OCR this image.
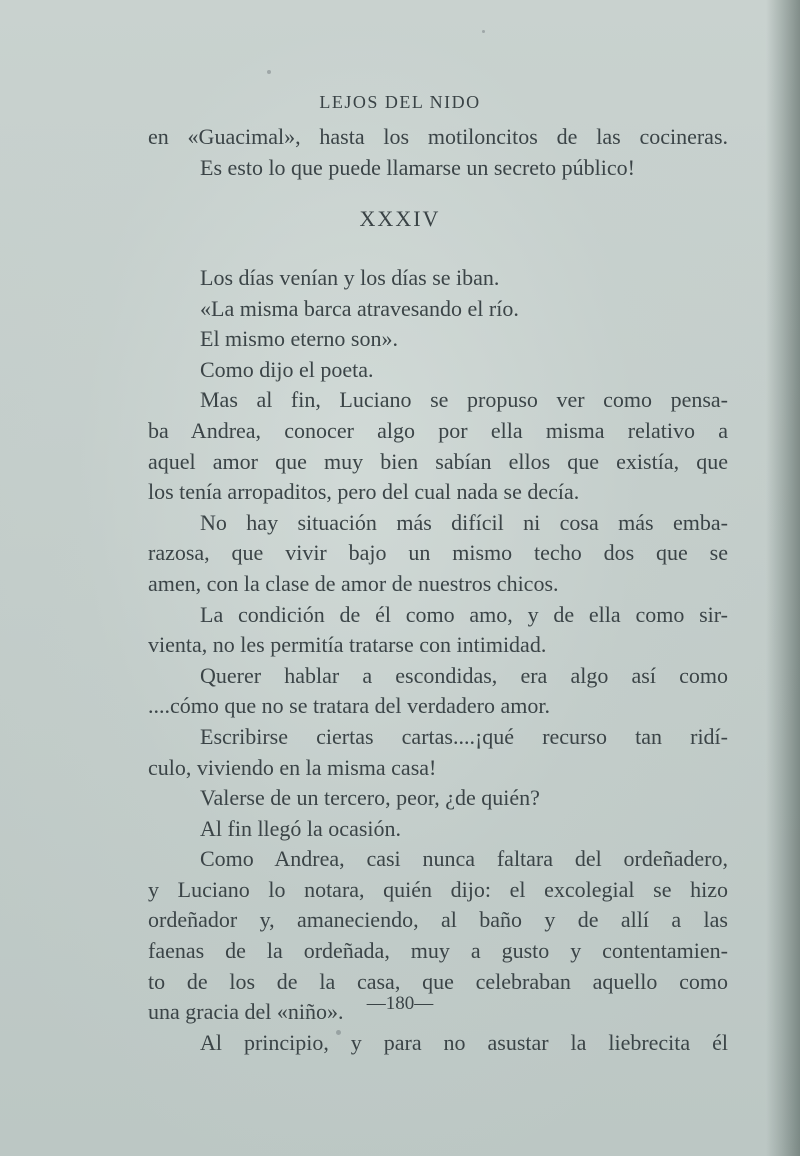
LEJOS DEL NIDO
en «Guacimal», hasta los motiloncitos de las cocineras.
Es esto lo que puede llamarse un secreto público!
XXXIV
Los días venían y los días se iban.
«La misma barca atravesando el río.
El mismo eterno son».
Como dijo el poeta.
Mas al fin, Luciano se propuso ver como pensa-
ba Andrea, conocer algo por ella misma relativo a
aquel amor que muy bien sabían ellos que existía, que
los tenía arropaditos, pero del cual nada se decía.
No hay situación más difícil ni cosa más emba-
razosa, que vivir bajo un mismo techo dos que se
amen, con la clase de amor de nuestros chicos.
La condición de él como amo, y de ella como sir-
vienta, no les permitía tratarse con intimidad.
Querer hablar a escondidas, era algo así como
....cómo que no se tratara del verdadero amor.
Escribirse ciertas cartas....¡qué recurso tan ridí-
culo, viviendo en la misma casa!
Valerse de un tercero, peor, ¿de quién?
Al fin llegó la ocasión.
Como Andrea, casi nunca faltara del ordeñadero,
y Luciano lo notara, quién dijo: el excolegial se hizo
ordeñador y, amaneciendo, al baño y de allí a las
faenas de la ordeñada, muy a gusto y contentamien-
to de los de la casa, que celebraban aquello como
una gracia del «niño».
Al principio, y para no asustar la liebrecita él
—180—
